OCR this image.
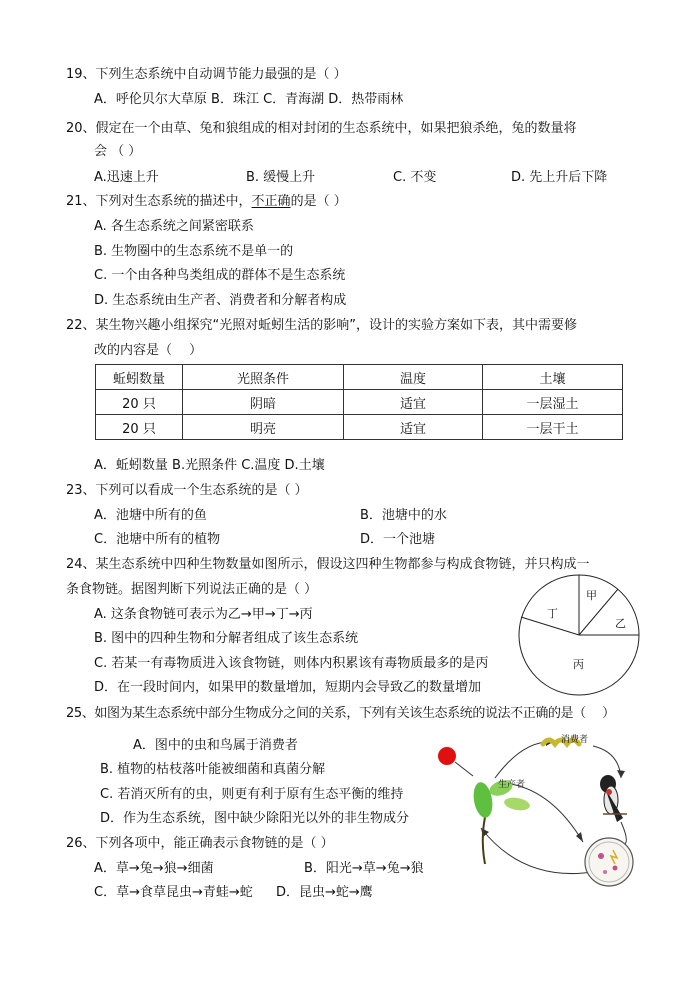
19、下列生态系统中自动调节能力最强的是（ ）
A．呼伦贝尔大草原 B．珠江 C．青海湖 D．热带雨林
20、假定在一个由草、兔和狼组成的相对封闭的生态系统中，如果把狼杀绝，兔的数量将
会 （ ）
A.迅速上升	B. 缓慢上升	C. 不变	D. 先上升后下降
21、下列对生态系统的描述中，不正确的是（ ）
A. 各生态系统之间紧密联系
B. 生物圈中的生态系统不是单一的
C. 一个由各种鸟类组成的群体不是生态系统
D. 生态系统由生产者、消费者和分解者构成
22、某生物兴趣小组探究“光照对蚯蚓生活的影响”，设计的实验方案如下表，其中需要修
改的内容是（　 ）
蚯蚓数量	光照条件	温度	土壤
20 只	阴暗	适宜	一层湿土
20 只	明亮	适宜	一层干土
A．蚯蚓数量 B.光照条件 C.温度 D.土壤
23、下列可以看成一个生态系统的是（ ）
A．池塘中所有的鱼	B．池塘中的水
C．池塘中所有的植物	D．一个池塘
24、某生态系统中四种生物数量如图所示，假设这四种生物都参与构成食物链，并只构成一
条食物链。据图判断下列说法正确的是（ ）
A. 这条食物链可表示为乙→甲→丁→丙
B. 图中的四种生物和分解者组成了该生态系统
C. 若某一有毒物质进入该食物链，则体内积累该有毒物质最多的是丙
D．在一段时间内，如果甲的数量增加，短期内会导致乙的数量增加
丁
甲
乙
丙
25、如图为某生态系统中部分生物成分之间的关系，下列有关该生态系统的说法不正确的是（　 ）
A．图中的虫和鸟属于消费者
B. 植物的枯枝落叶能被细菌和真菌分解
C. 若消灭所有的虫，则更有利于原有生态平衡的维持
D．作为生态系统，图中缺少除阳光以外的非生物成分
消费者
生产者
26、下列各项中，能正确表示食物链的是（ ）
A．草→兔→狼→细菌	B．阳光→草→兔→狼
C．草→食草昆虫→青蛙→蛇 D．昆虫→蛇→鹰
